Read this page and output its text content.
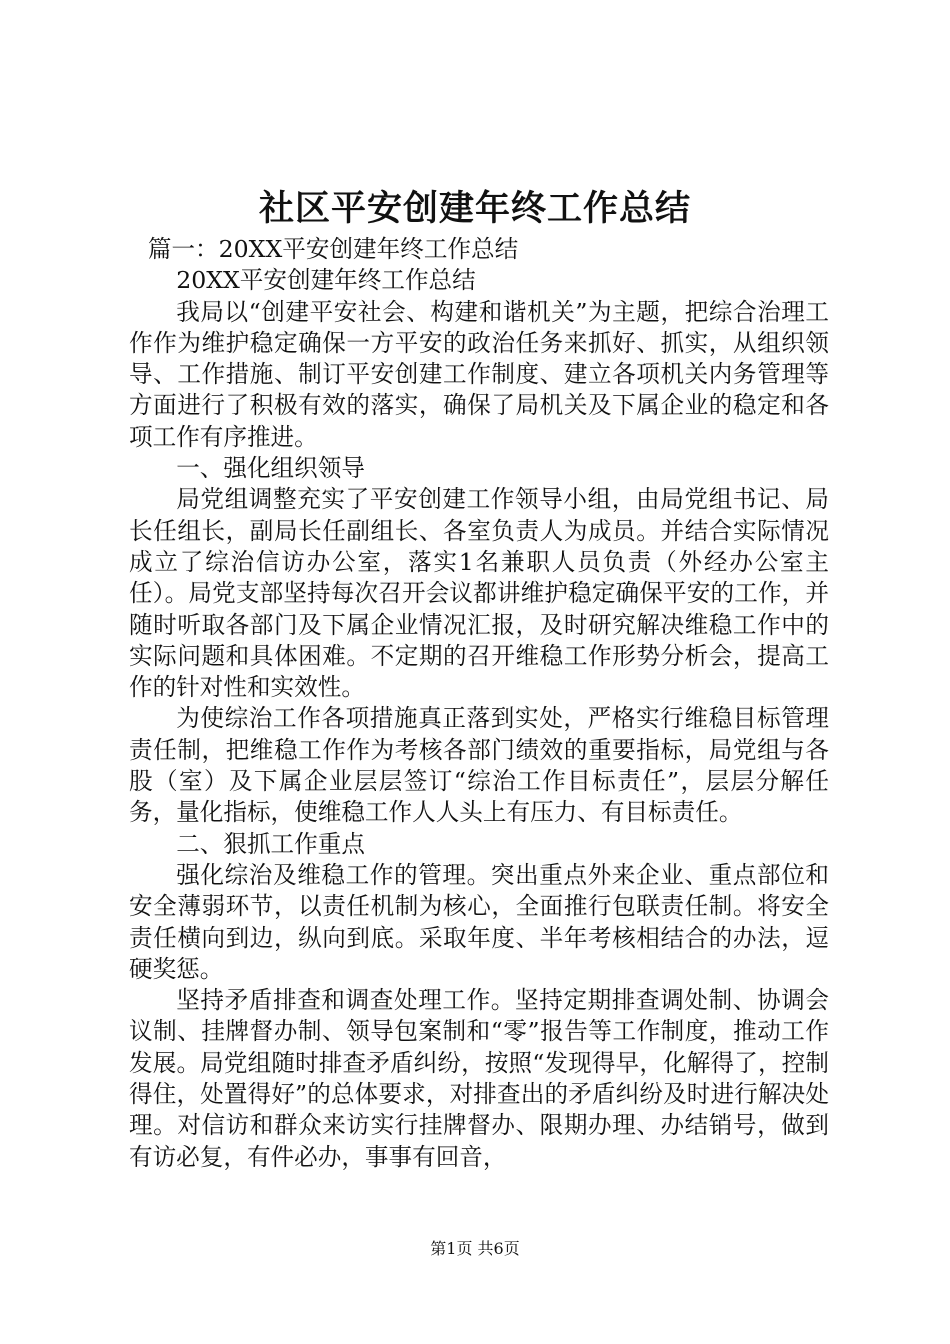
社区平安创建年终工作总结

篇一：20XX平安创建年终工作总结

20XX平安创建年终工作总结

我局以“创建平安社会、构建和谐机关”为主题，把综合治理工作作为维护稳定确保一方平安的政治任务来抓好、抓实，从组织领导、工作措施、制订平安创建工作制度、建立各项机关内务管理等方面进行了积极有效的落实，确保了局机关及下属企业的稳定和各项工作有序推进。

一、强化组织领导

局党组调整充实了平安创建工作领导小组，由局党组书记、局长任组长，副局长任副组长、各室负责人为成员。并结合实际情况成立了综治信访办公室，落实1名兼职人员负责（外经办公室主任）。局党支部坚持每次召开会议都讲维护稳定确保平安的工作，并随时听取各部门及下属企业情况汇报，及时研究解决维稳工作中的实际问题和具体困难。不定期的召开维稳工作形势分析会，提高工作的针对性和实效性。

为使综治工作各项措施真正落到实处，严格实行维稳目标管理责任制，把维稳工作作为考核各部门绩效的重要指标，局党组与各股（室）及下属企业层层签订“综治工作目标责任”，层层分解任务，量化指标，使维稳工作人人头上有压力、有目标责任。

二、狠抓工作重点

强化综治及维稳工作的管理。突出重点外来企业、重点部位和安全薄弱环节，以责任机制为核心，全面推行包联责任制。将安全责任横向到边，纵向到底。采取年度、半年考核相结合的办法，逗硬奖惩。

坚持矛盾排查和调查处理工作。坚持定期排查调处制、协调会议制、挂牌督办制、领导包案制和“零”报告等工作制度，推动工作发展。局党组随时排查矛盾纠纷，按照“发现得早，化解得了，控制得住，处置得好”的总体要求，对排查出的矛盾纠纷及时进行解决处理。对信访和群众来访实行挂牌督办、限期办理、办结销号，做到有访必复，有件必办，事事有回音，

第1页 共6页
